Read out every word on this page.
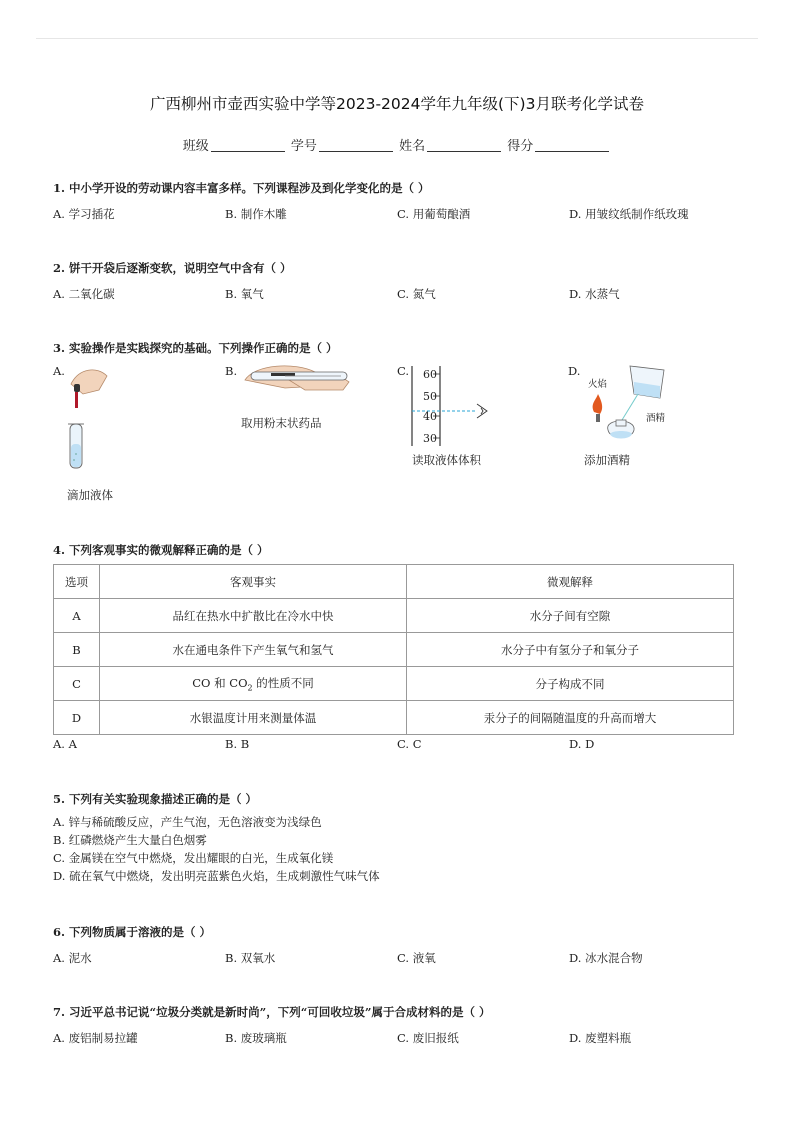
广西柳州市壶西实验中学等2023-2024学年九年级(下)3月联考化学试卷
班级	学号	姓名	得分
1. 中小学开设的劳动课内容丰富多样。下列课程涉及到化学变化的是（ ）
A. 学习插花	B. 制作木雕	C. 用葡萄酿酒	D. 用皱纹纸制作纸玫瑰
2. 饼干开袋后逐渐变软，说明空气中含有（ ）
A. 二氧化碳	B. 氧气	C. 氮气	D. 水蒸气
3. 实验操作是实践探究的基础。下列操作正确的是（ ）
A.
滴加液体
B.
取用粉末状药品
C. 60
50
40
30
读取液体体积
D.
火焰
酒精
添加酒精
4. 下列客观事实的微观解释正确的是（ ）
选项	客观事实	微观解释
A	品红在热水中扩散比在冷水中快	水分子间有空隙
B	水在通电条件下产生氧气和氢气	水分子中有氢分子和氧分子
C	CO 和 $CO_2$ 的性质不同	分子构成不同
D	水银温度计用来测量体温	汞分子的间隔随温度的升高而增大
A. A	B. B	C. C	D. D
5. 下列有关实验现象描述正确的是（ ）
A. 锌与稀硫酸反应，产生气泡，无色溶液变为浅绿色
B. 红磷燃烧产生大量白色烟雾
C. 金属镁在空气中燃烧，发出耀眼的白光，生成氧化镁
D. 硫在氧气中燃烧，发出明亮蓝紫色火焰，生成刺激性气味气体
6. 下列物质属于溶液的是（ ）
A. 泥水	B. 双氧水	C. 液氧	D. 冰水混合物
7. 习近平总书记说“垃圾分类就是新时尚”，下列“可回收垃圾”属于合成材料的是（ ）
A. 废铝制易拉罐	B. 废玻璃瓶	C. 废旧报纸	D. 废塑料瓶
